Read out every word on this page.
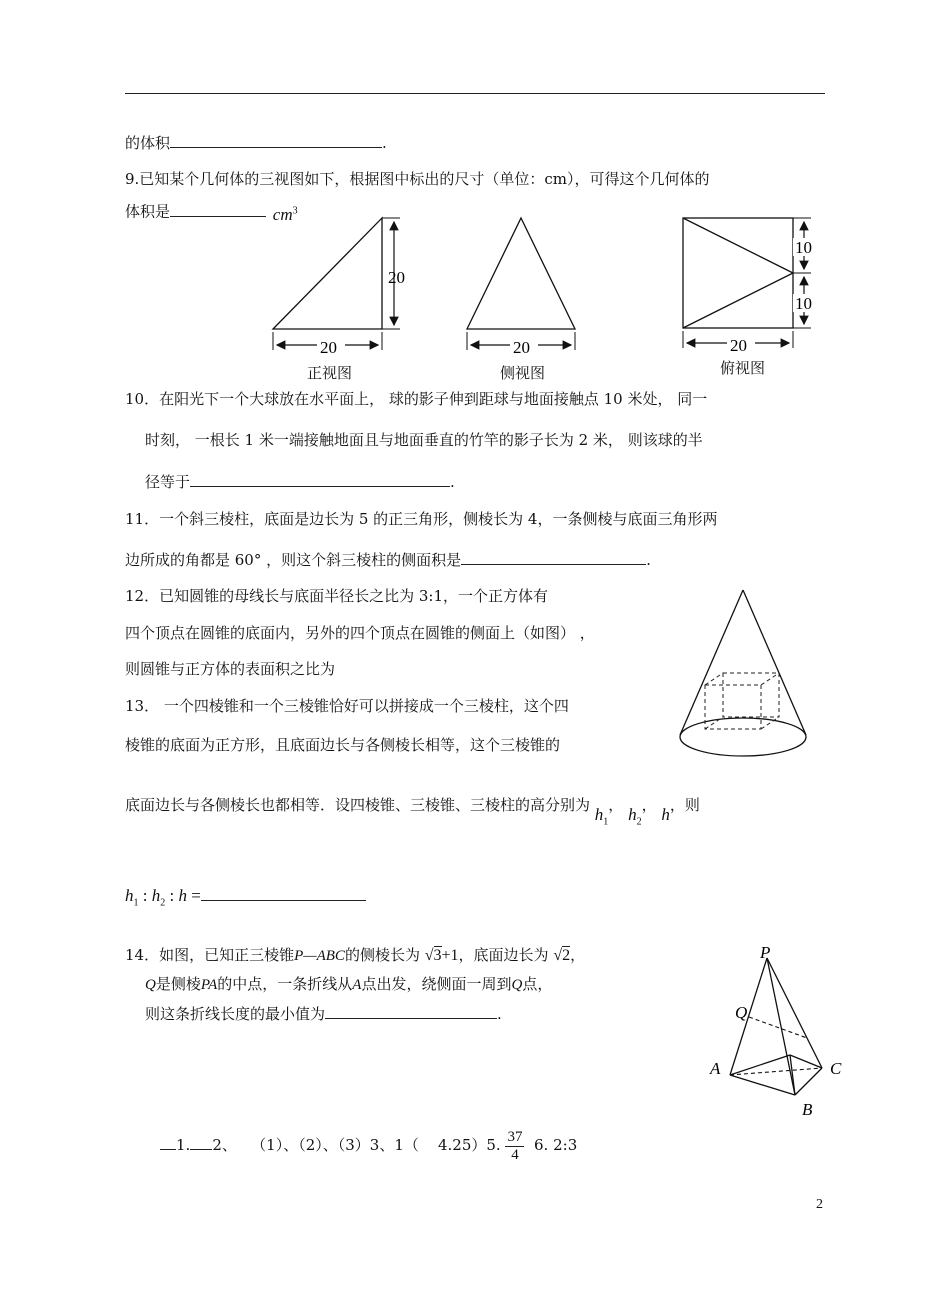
的体积	.
9.已知某个几何体的三视图如下，根据图中标出的尺寸（单位：cm），可得这个几何体的
体积是	$cm^3$
20
20	20
10
10
20
正视图	侧视图	俯视图
10．在阳光下一个大球放在水平面上， 球的影子伸到距球与地面接触点 10 米处， 同一
时刻， 一根长 1 米一端接触地面且与地面垂直的竹竿的影子长为 2 米， 则该球的半
径等于	.
11．一个斜三棱柱，底面是边长为 5 的正三角形，侧棱长为 4，一条侧棱与底面三角形两
边所成的角都是 60° ，则这个斜三棱柱的侧面积是	.
12．已知圆锥的母线长与底面半径长之比为 3:1，一个正方体有
四个顶点在圆锥的底面内，另外的四个顶点在圆锥的侧面上（如图） ，
则圆锥与正方体的表面积之比为
13． 一个四棱锥和一个三棱锥恰好可以拼接成一个三棱柱，这个四
棱锥的底面为正方形，且底面边长与各侧棱长相等，这个三棱锥的
底面边长与各侧棱长也都相等．设四棱锥、三棱锥、三棱柱的高分别为 $h_1$， $h_2$， h，则
$h_1$ : $h_2$ : h =
14．如图，已知正三棱锥P—ABC的侧棱长为 √3+1，底面边长为 √2，
Q是侧棱PA的中点，一条折线从A点出发，绕侧面一周到Q点，
则这条折线长度的最小值为	.
P
Q
A
B
C
1. 2、 （1）、（2）、（3）3、1（ 4.25）5. $\frac{37}{4} 6$. 2:3
2
